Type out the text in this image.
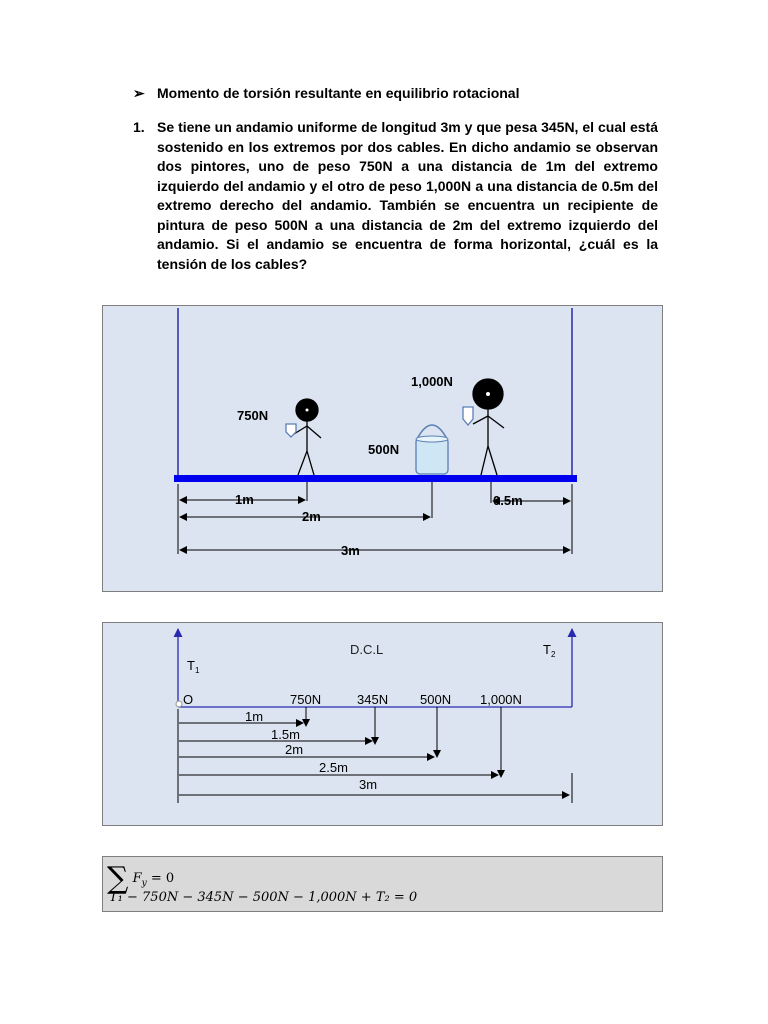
➢ Momento de torsión resultante en equilibrio rotacional
1. Se tiene un andamio uniforme de longitud 3m y que pesa 345N, el cual está sostenido en los extremos por dos cables. En dicho andamio se observan dos pintores, uno de peso 750N a una distancia de 1m del extremo izquierdo del andamio y el otro de peso 1,000N a una distancia de 0.5m del extremo derecho del andamio. También se encuentra un recipiente de pintura de peso 500N a una distancia de 2m del extremo izquierdo del andamio. Si el andamio se encuentra de forma horizontal, ¿cuál es la tensión de los cables?
750N
1,000N
500N
1m
2m
0.5m
3m
D.C.L
$T_1$
$T_2$
O	750N	345N 500N 1,000N
1m
1.5m
2m
2.5m
3m
∑ $F_y = 0$
T₁ − 750N − 345N − 500N − 1,000N + T₂ = 0
